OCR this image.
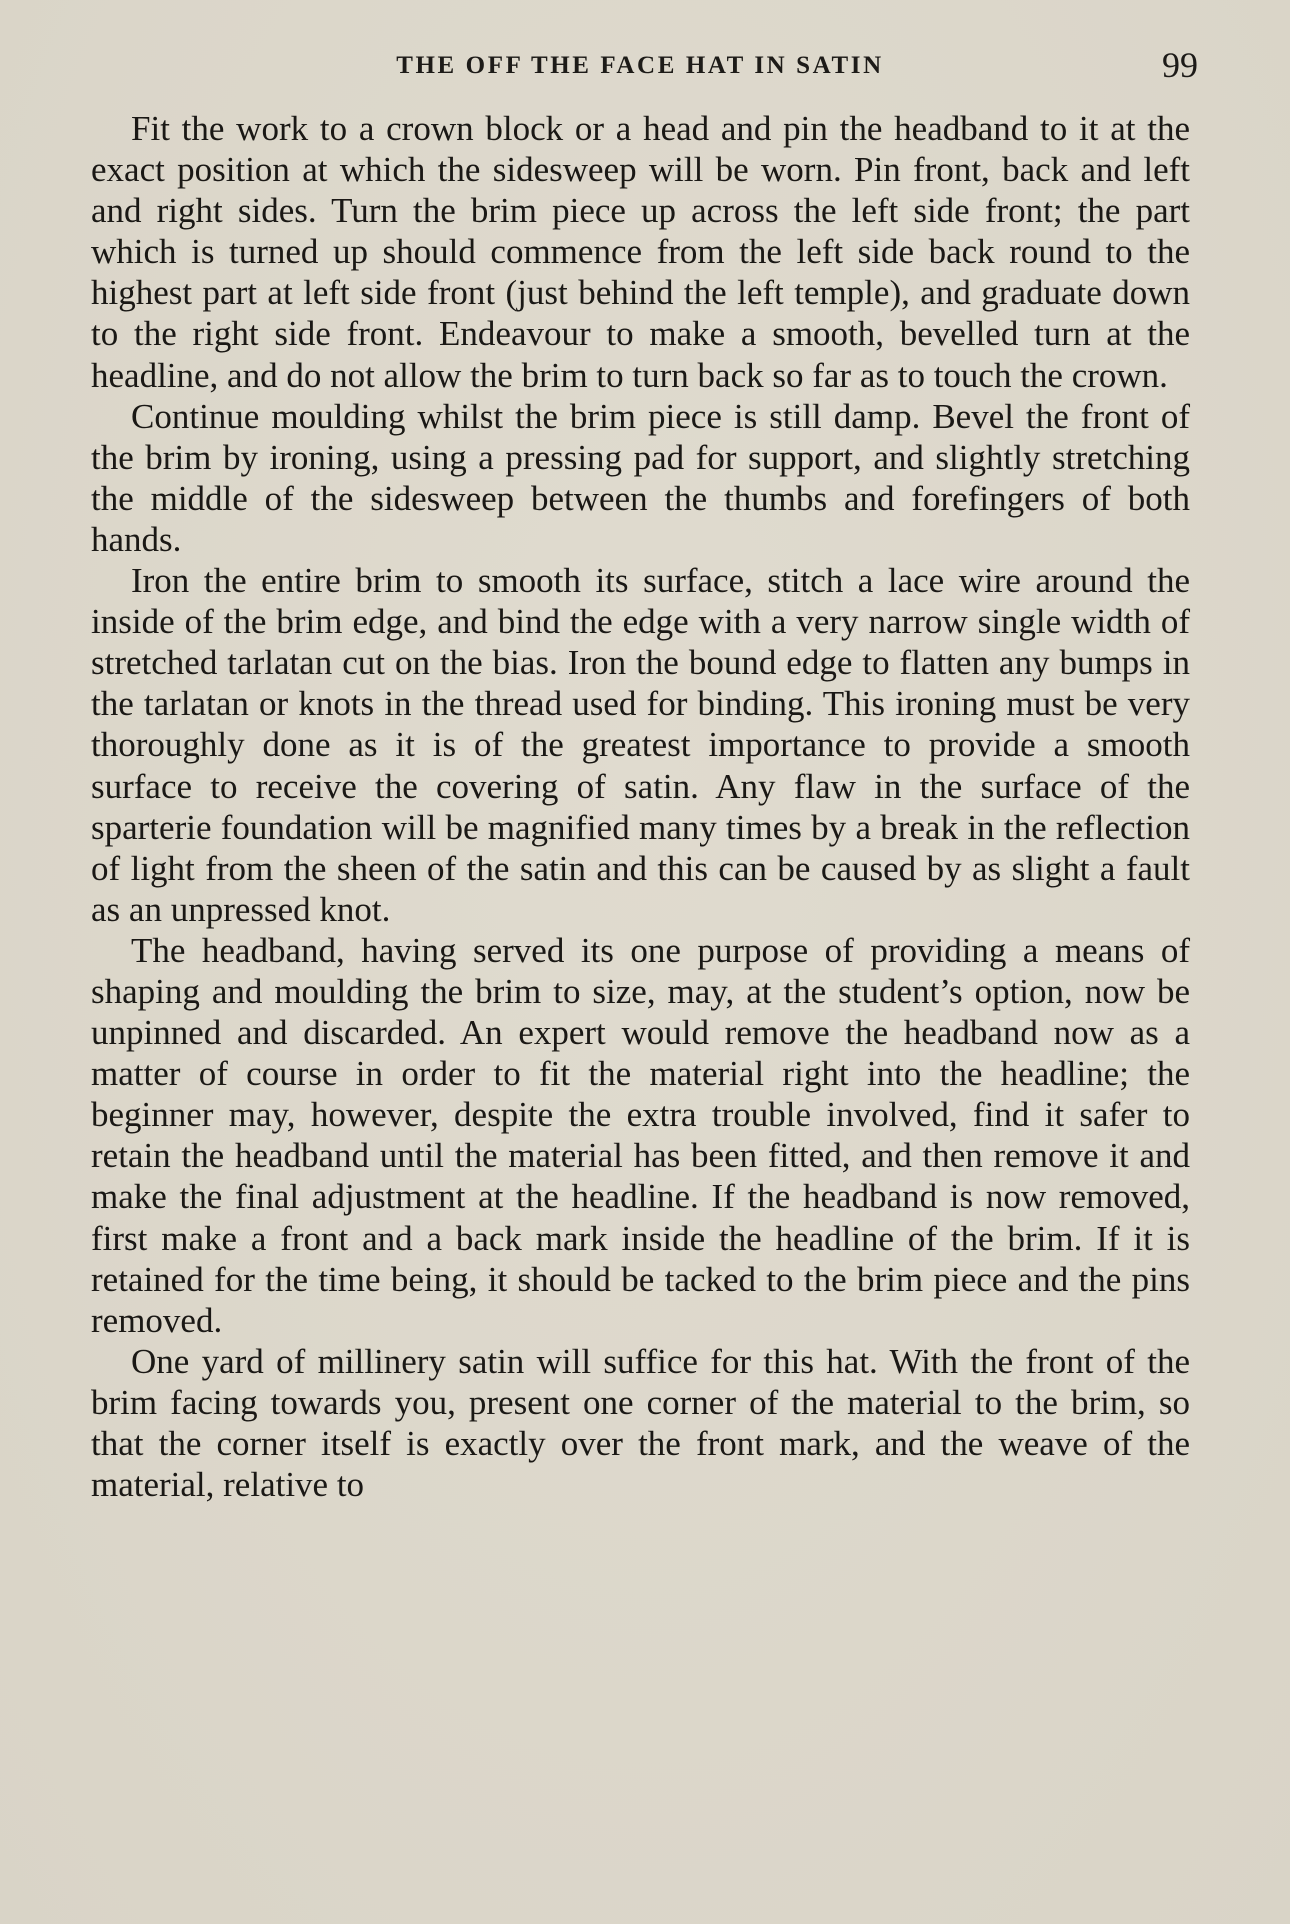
THE OFF THE FACE HAT IN SATIN	99

Fit the work to a crown block or a head and pin the headband to it at the exact position at which the sidesweep will be worn. Pin front, back and left and right sides. Turn the brim piece up across the left side front; the part which is turned up should commence from the left side back round to the highest part at left side front (just behind the left temple), and graduate down to the right side front. Endeavour to make a smooth, bevelled turn at the headline, and do not allow the brim to turn back so far as to touch the crown.

Continue moulding whilst the brim piece is still damp. Bevel the front of the brim by ironing, using a pressing pad for support, and slightly stretching the middle of the sidesweep between the thumbs and forefingers of both hands.

Iron the entire brim to smooth its surface, stitch a lace wire around the inside of the brim edge, and bind the edge with a very narrow single width of stretched tarlatan cut on the bias. Iron the bound edge to flatten any bumps in the tarlatan or knots in the thread used for binding. This ironing must be very thoroughly done as it is of the greatest importance to provide a smooth surface to receive the covering of satin. Any flaw in the surface of the sparterie foundation will be magnified many times by a break in the reflection of light from the sheen of the satin and this can be caused by as slight a fault as an unpressed knot.

The headband, having served its one purpose of providing a means of shaping and moulding the brim to size, may, at the student’s option, now be unpinned and discarded. An expert would remove the headband now as a matter of course in order to fit the material right into the headline; the beginner may, however, despite the extra trouble involved, find it safer to retain the headband until the material has been fitted, and then remove it and make the final adjustment at the headline. If the headband is now removed, first make a front and a back mark inside the headline of the brim. If it is retained for the time being, it should be tacked to the brim piece and the pins removed.

One yard of millinery satin will suffice for this hat. With the front of the brim facing towards you, present one corner of the material to the brim, so that the corner itself is exactly over the front mark, and the weave of the material, relative to
